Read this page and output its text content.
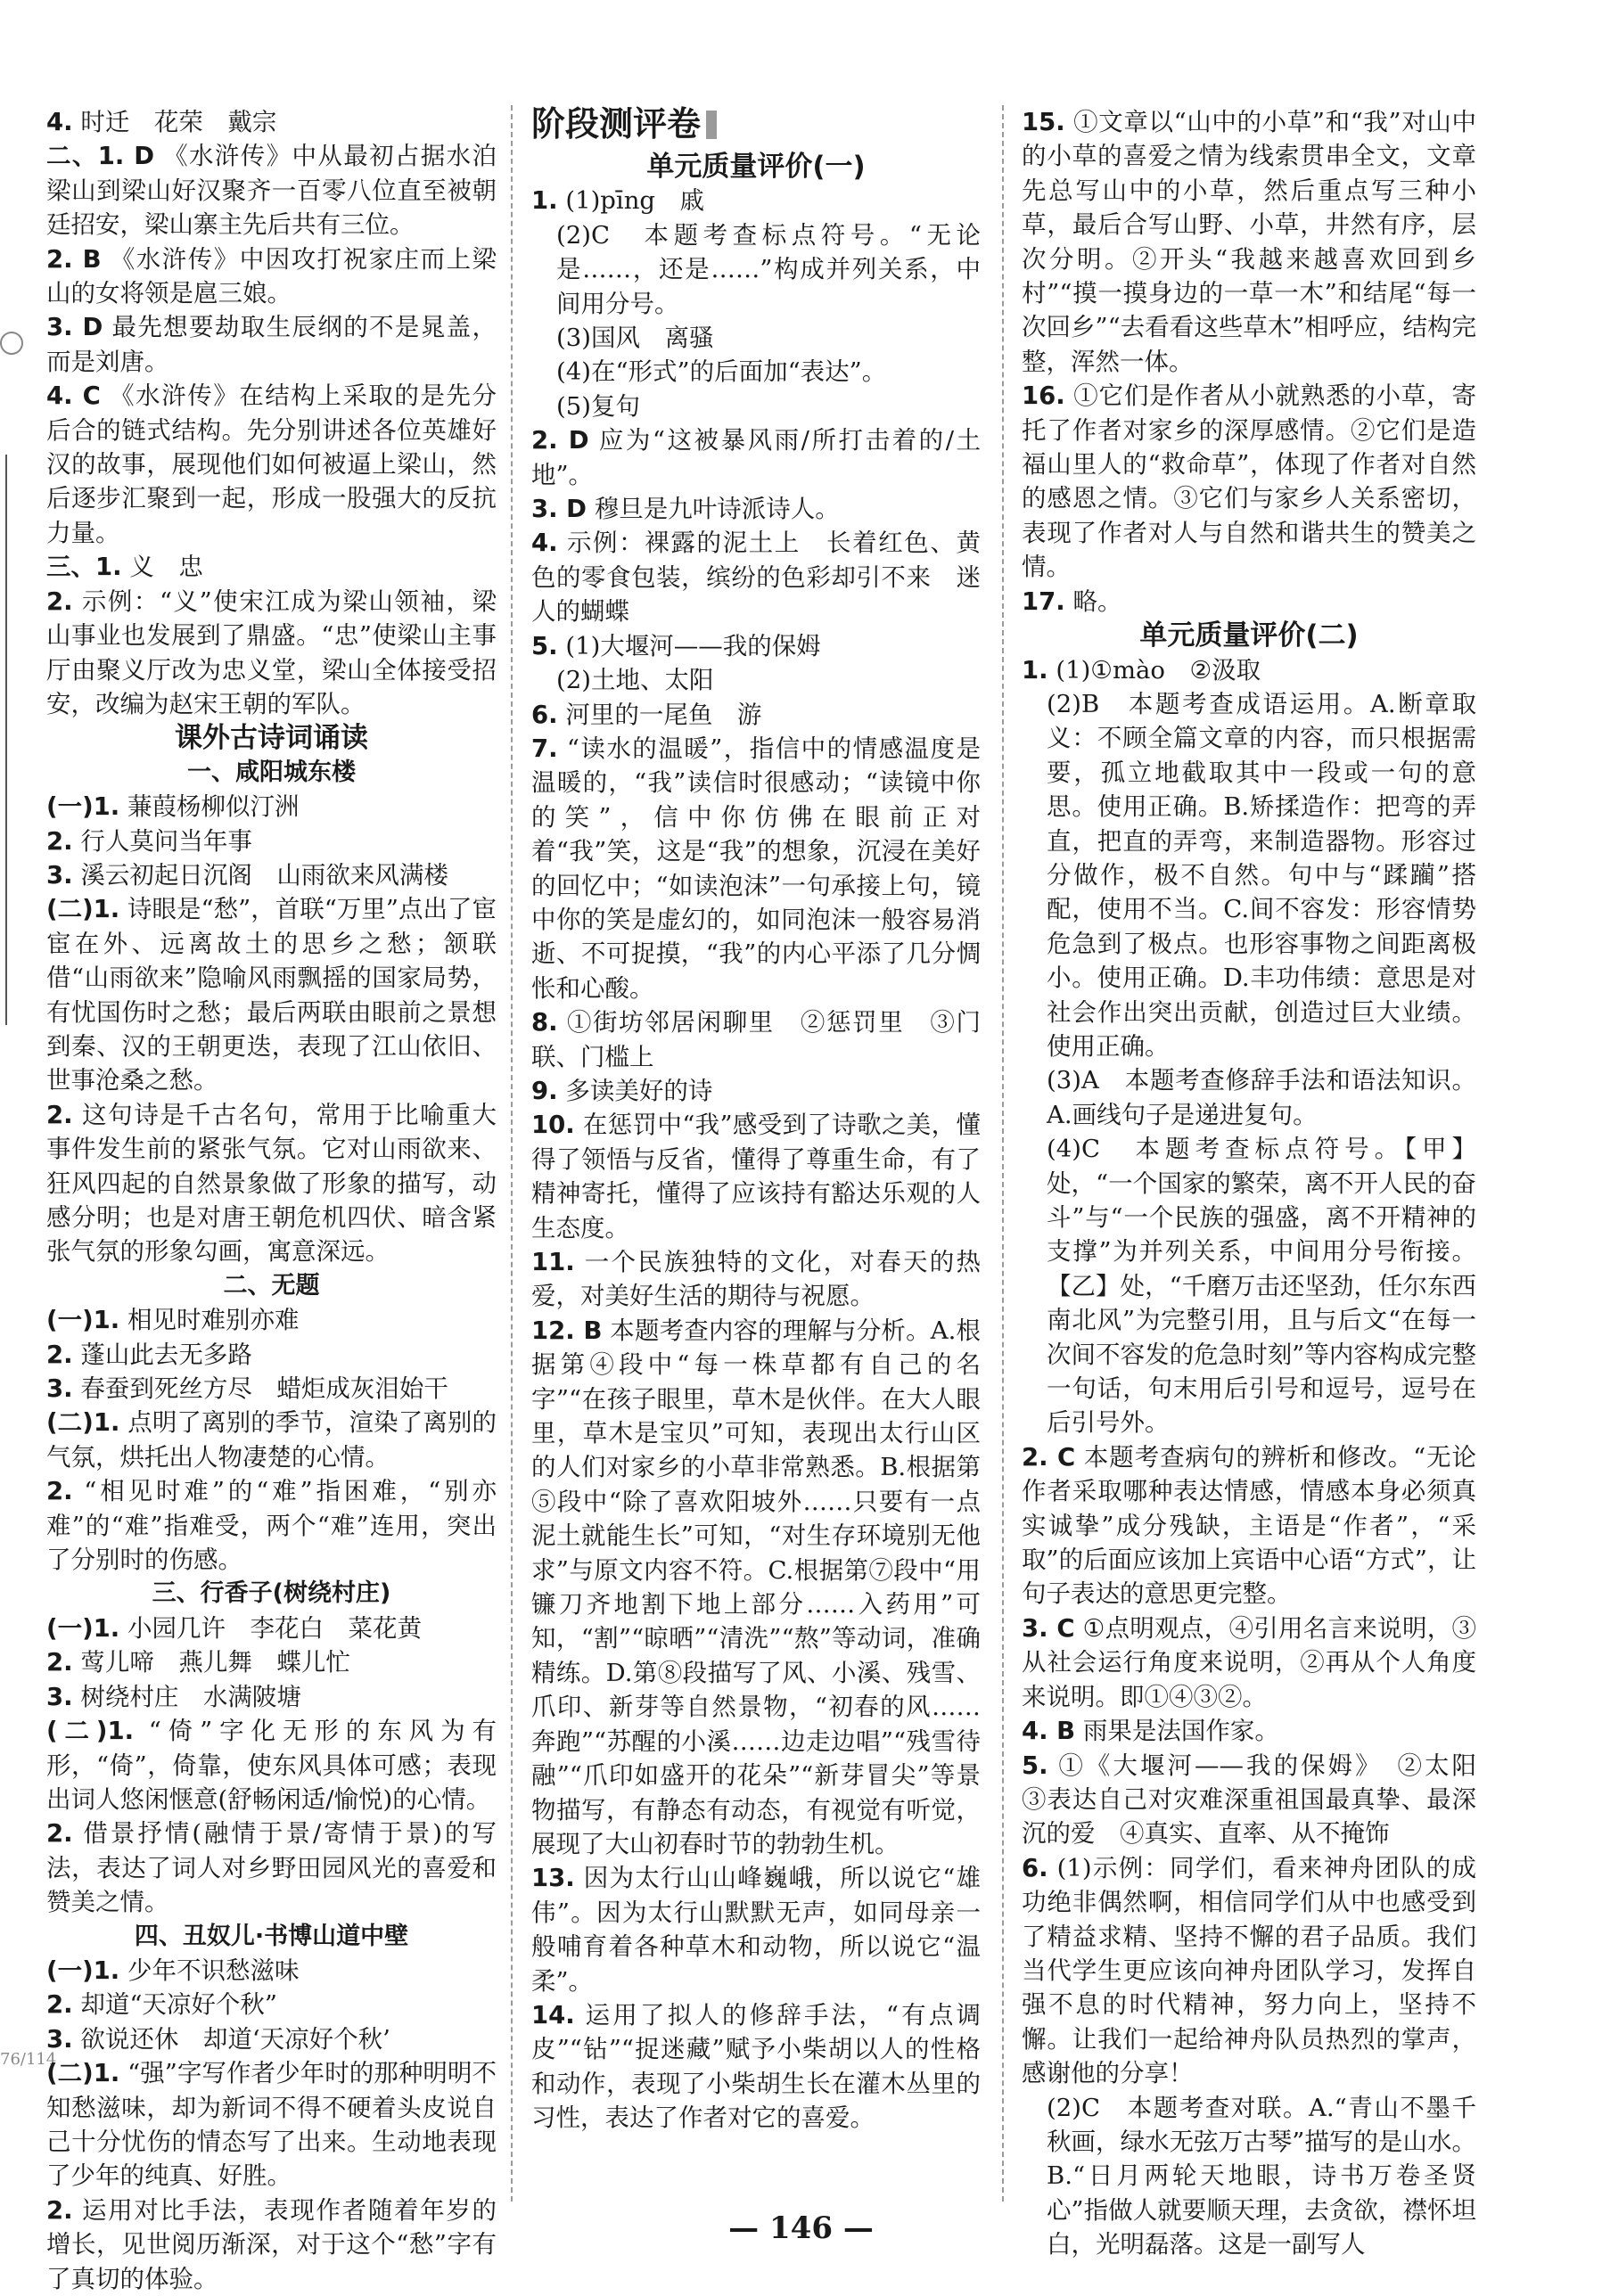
76/114

4. 时迁　花荣　戴宗

二、1. D 《水浒传》中从最初占据水泊梁山到梁山好汉聚齐一百零八位直至被朝廷招安，梁山寨主先后共有三位。

2. B 《水浒传》中因攻打祝家庄而上梁山的女将领是扈三娘。

3. D 最先想要劫取生辰纲的不是晁盖，而是刘唐。

4. C 《水浒传》在结构上采取的是先分后合的链式结构。先分别讲述各位英雄好汉的故事，展现他们如何被逼上梁山，然后逐步汇聚到一起，形成一股强大的反抗力量。

三、1. 义　忠

2. 示例：“义”使宋江成为梁山领袖，梁山事业也发展到了鼎盛。“忠”使梁山主事厅由聚义厅改为忠义堂，梁山全体接受招安，改编为赵宋王朝的军队。

课外古诗词诵读

一、咸阳城东楼

(一)1. 蒹葭杨柳似汀洲

2. 行人莫问当年事

3. 溪云初起日沉阁　山雨欲来风满楼

(二)1. 诗眼是“愁”，首联“万里”点出了宦宦在外、远离故土的思乡之愁；颔联借“山雨欲来”隐喻风雨飘摇的国家局势，有忧国伤时之愁；最后两联由眼前之景想到秦、汉的王朝更迭，表现了江山依旧、世事沧桑之愁。

2. 这句诗是千古名句，常用于比喻重大事件发生前的紧张气氛。它对山雨欲来、狂风四起的自然景象做了形象的描写，动感分明；也是对唐王朝危机四伏、暗含紧张气氛的形象勾画，寓意深远。

二、无题

(一)1. 相见时难别亦难

2. 蓬山此去无多路

3. 春蚕到死丝方尽　蜡炬成灰泪始干

(二)1. 点明了离别的季节，渲染了离别的气氛，烘托出人物凄楚的心情。

2. “相见时难”的“难”指困难，“别亦难”的“难”指难受，两个“难”连用，突出了分别时的伤感。

三、行香子(树绕村庄)

(一)1. 小园几许　李花白　菜花黄

2. 莺儿啼　燕儿舞　蝶儿忙

3. 树绕村庄　水满陂塘

(二)1. “倚”字化无形的东风为有形，“倚”，倚靠，使东风具体可感；表现出词人悠闲惬意(舒畅闲适/愉悦)的心情。

2. 借景抒情(融情于景/寄情于景)的写法，表达了词人对乡野田园风光的喜爱和赞美之情。

四、丑奴儿·书博山道中壁

(一)1. 少年不识愁滋味

2. 却道“天凉好个秋”

3. 欲说还休　却道‘天凉好个秋’

(二)1. “强”字写作者少年时的那种明明不知愁滋味，却为新词不得不硬着头皮说自己十分忧伤的情态写了出来。生动地表现了少年的纯真、好胜。

2. 运用对比手法，表现作者随着年岁的增长，见世阅历渐深，对于这个“愁”字有了真切的体验。

阶段测评卷

单元质量评价(一)

1. (1)pīng　戚

(2)C　本题考查标点符号。“无论是……，还是……”构成并列关系，中间用分号。

(3)国风　离骚

(4)在“形式”的后面加“表达”。

(5)复句

2. D 应为“这被暴风雨/所打击着的/土地”。

3. D 穆旦是九叶诗派诗人。

4. 示例：裸露的泥土上　长着红色、黄色的零食包装，缤纷的色彩却引不来　迷人的蝴蝶

5. (1)大堰河——我的保姆

(2)土地、太阳

6. 河里的一尾鱼　游

7. “读水的温暖”，指信中的情感温度是温暖的，“我”读信时很感动；“读镜中你的笑”，信中你仿佛在眼前正对着“我”笑，这是“我”的想象，沉浸在美好的回忆中；“如读泡沫”一句承接上句，镜中你的笑是虚幻的，如同泡沫一般容易消逝、不可捉摸，“我”的内心平添了几分惆怅和心酸。

8. ①街坊邻居闲聊里　②惩罚里　③门联、门槛上

9. 多读美好的诗

10. 在惩罚中“我”感受到了诗歌之美，懂得了领悟与反省，懂得了尊重生命，有了精神寄托，懂得了应该持有豁达乐观的人生态度。

11. 一个民族独特的文化，对春天的热爱，对美好生活的期待与祝愿。

12. B 本题考查内容的理解与分析。A.根据第④段中“每一株草都有自己的名字”“在孩子眼里，草木是伙伴。在大人眼里，草木是宝贝”可知，表现出太行山区的人们对家乡的小草非常熟悉。B.根据第⑤段中“除了喜欢阳坡外……只要有一点泥土就能生长”可知，“对生存环境别无他求”与原文内容不符。C.根据第⑦段中“用镰刀齐地割下地上部分……入药用”可知，“割”“晾晒”“清洗”“熬”等动词，准确精练。D.第⑧段描写了风、小溪、残雪、爪印、新芽等自然景物，“初春的风……奔跑”“苏醒的小溪……边走边唱”“残雪待融”“爪印如盛开的花朵”“新芽冒尖”等景物描写，有静态有动态，有视觉有听觉，展现了大山初春时节的勃勃生机。

13. 因为太行山山峰巍峨，所以说它“雄伟”。因为太行山默默无声，如同母亲一般哺育着各种草木和动物，所以说它“温柔”。

14. 运用了拟人的修辞手法，“有点调皮”“钻”“捉迷藏”赋予小柴胡以人的性格和动作，表现了小柴胡生长在灌木丛里的习性，表达了作者对它的喜爱。

15. ①文章以“山中的小草”和“我”对山中的小草的喜爱之情为线索贯串全文，文章先总写山中的小草，然后重点写三种小草，最后合写山野、小草，井然有序，层次分明。②开头“我越来越喜欢回到乡村”“摸一摸身边的一草一木”和结尾“每一次回乡”“去看看这些草木”相呼应，结构完整，浑然一体。

16. ①它们是作者从小就熟悉的小草，寄托了作者对家乡的深厚感情。②它们是造福山里人的“救命草”，体现了作者对自然的感恩之情。③它们与家乡人关系密切，表现了作者对人与自然和谐共生的赞美之情。

17. 略。

单元质量评价(二)

1. (1)①mào　②汲取

(2)B　本题考查成语运用。A.断章取义：不顾全篇文章的内容，而只根据需要，孤立地截取其中一段或一句的意思。使用正确。B.矫揉造作：把弯的弄直，把直的弄弯，来制造器物。形容过分做作，极不自然。句中与“蹂躏”搭配，使用不当。C.间不容发：形容情势危急到了极点。也形容事物之间距离极小。使用正确。D.丰功伟绩：意思是对社会作出突出贡献，创造过巨大业绩。使用正确。

(3)A　本题考查修辞手法和语法知识。A.画线句子是递进复句。

(4)C　本题考查标点符号。【甲】处，“一个国家的繁荣，离不开人民的奋斗”与“一个民族的强盛，离不开精神的支撑”为并列关系，中间用分号衔接。【乙】处，“千磨万击还坚劲，任尔东西南北风”为完整引用，且与后文“在每一次间不容发的危急时刻”等内容构成完整一句话，句末用后引号和逗号，逗号在后引号外。

2. C 本题考查病句的辨析和修改。“无论作者采取哪种表达情感，情感本身必须真实诚挚”成分残缺，主语是“作者”，“采取”的后面应该加上宾语中心语“方式”，让句子表达的意思更完整。

3. C ①点明观点，④引用名言来说明，③从社会运行角度来说明，②再从个人角度来说明。即①④③②。

4. B 雨果是法国作家。

5. ①《大堰河——我的保姆》　②太阳　③表达自己对灾难深重祖国最真挚、最深沉的爱　④真实、直率、从不掩饰

6. (1)示例：同学们，看来神舟团队的成功绝非偶然啊，相信同学们从中也感受到了精益求精、坚持不懈的君子品质。我们当代学生更应该向神舟团队学习，发挥自强不息的时代精神，努力向上，坚持不懈。让我们一起给神舟队员热烈的掌声，感谢他的分享！

(2)C　本题考查对联。A.“青山不墨千秋画，绿水无弦万古琴”描写的是山水。B.“日月两轮天地眼，诗书万卷圣贤心”指做人就要顺天理，去贪欲，襟怀坦白，光明磊落。这是一副写人

— 146 —
